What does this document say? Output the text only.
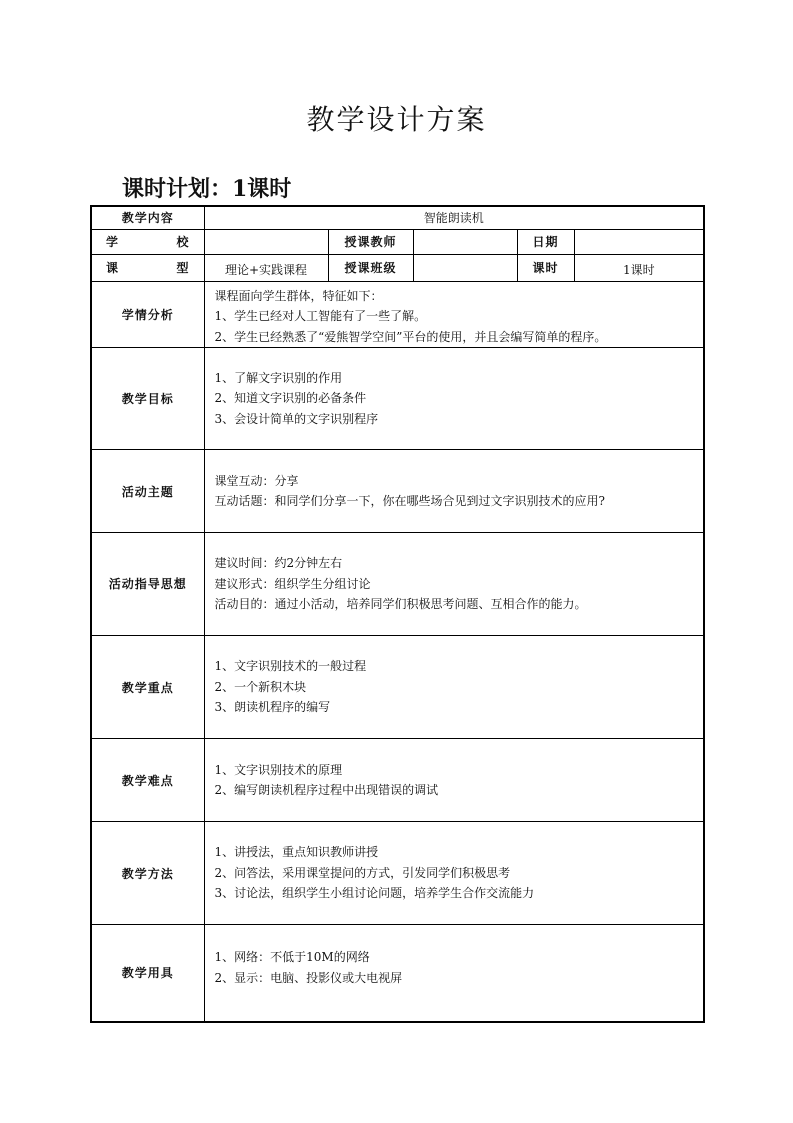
教学设计方案
课时计划：1课时
教学内容	智能朗读机				
学　　校		授课教师		日期	
课　　型	理论+实践课程	授课班级		课时	1课时
学情分析	课程面向学生群体，特征如下：
1、学生已经对人工智能有了一些了解。
2、学生已经熟悉了“爱熊智学空间”平台的使用，并且会编写简单的程序。				

教学目标	1、了解文字识别的作用
2、知道文字识别的必备条件
3、会设计简单的文字识别程序				

活动主题	课堂互动：分享
互动话题：和同学们分享一下，你在哪些场合见到过文字识别技术的应用?				

活动指导思想	建议时间：约2分钟左右
建议形式：组织学生分组讨论
活动目的：通过小活动，培养同学们积极思考问题、互相合作的能力。				

教学重点	1、文字识别技术的一般过程
2、一个新积木块
3、朗读机程序的编写				

教学难点	1、文字识别技术的原理
2、编写朗读机程序过程中出现错误的调试				

教学方法	1、讲授法，重点知识教师讲授
2、问答法，采用课堂提问的方式，引发同学们积极思考
3、讨论法，组织学生小组讨论问题，培养学生合作交流能力				

教学用具	1、网络：不低于10M的网络
2、显示：电脑、投影仪或大电视屏				
